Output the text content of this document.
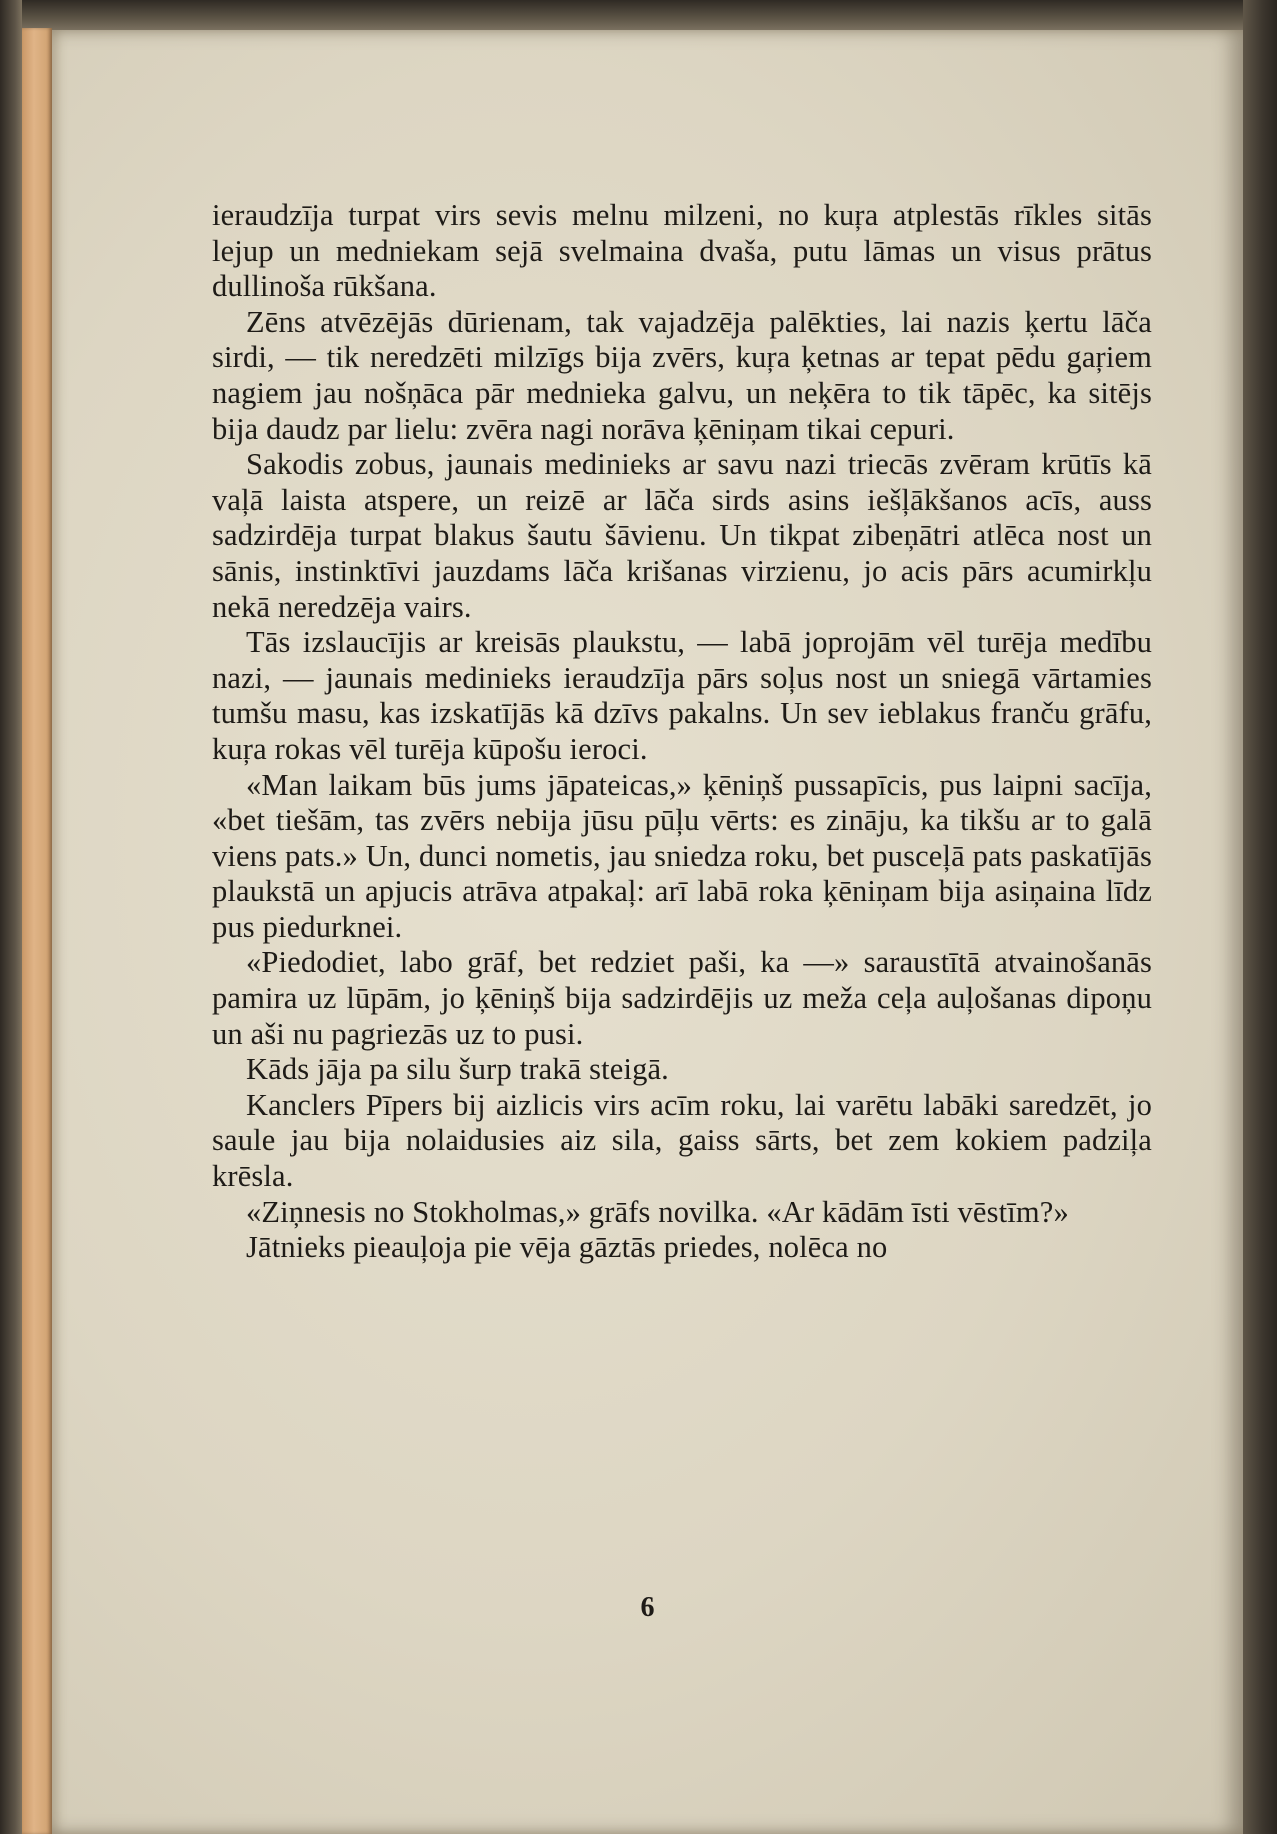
ieraudzīja turpat virs sevis melnu milzeni, no kuŗa atplestās rīkles sitās lejup un medniekam sejā svelmaina dvaša, putu lāmas un visus prātus dullinoša rūkšana.

Zēns atvēzējās dūrienam, tak vajadzēja palēkties, lai nazis ķertu lāča sirdi, — tik neredzēti milzīgs bija zvērs, kuŗa ķetnas ar tepat pēdu gaŗiem nagiem jau nošņāca pār mednieka galvu, un neķēra to tik tāpēc, ka sitējs bija daudz par lielu: zvēra nagi norāva ķēniņam tikai cepuri.

Sakodis zobus, jaunais medinieks ar savu nazi triecās zvēram krūtīs kā vaļā laista atspere, un reizē ar lāča sirds asins iešļākšanos acīs, auss sadzirdēja turpat blakus šautu šāvienu. Un tikpat zibeņātri atlēca nost un sānis, instinktīvi jauzdams lāča krišanas virzienu, jo acis pārs acumirkļu nekā neredzēja vairs.

Tās izslaucījis ar kreisās plaukstu, — labā joprojām vēl turēja medību nazi, — jaunais medinieks ieraudzīja pārs soļus nost un sniegā vārtamies tumšu masu, kas izskatījās kā dzīvs pakalns. Un sev ieblakus franču grāfu, kuŗa rokas vēl turēja kūpošu ieroci.

«Man laikam būs jums jāpateicas,» ķēniņš pussapīcis, pus laipni sacīja, «bet tiešām, tas zvērs nebija jūsu pūļu vērts: es zināju, ka tikšu ar to galā viens pats.» Un, dunci nometis, jau sniedza roku, bet pusceļā pats paskatījās plaukstā un apjucis atrāva atpakaļ: arī labā roka ķēniņam bija asiņaina līdz pus piedurknei.

«Piedodiet, labo grāf, bet redziet paši, ka —» saraustītā atvainošanās pamira uz lūpām, jo ķēniņš bija sadzirdējis uz meža ceļa auļošanas dipoņu un aši nu pagriezās uz to pusi.

Kāds jāja pa silu šurp trakā steigā.

Kanclers Pīpers bij aizlicis virs acīm roku, lai varētu labāki saredzēt, jo saule jau bija nolaidusies aiz sila, gaiss sārts, bet zem kokiem padziļa krēsla.

«Ziņnesis no Stokholmas,» grāfs novilka. «Ar kādām īsti vēstīm?»

Jātnieks pieauļoja pie vēja gāztās priedes, nolēca no

6
